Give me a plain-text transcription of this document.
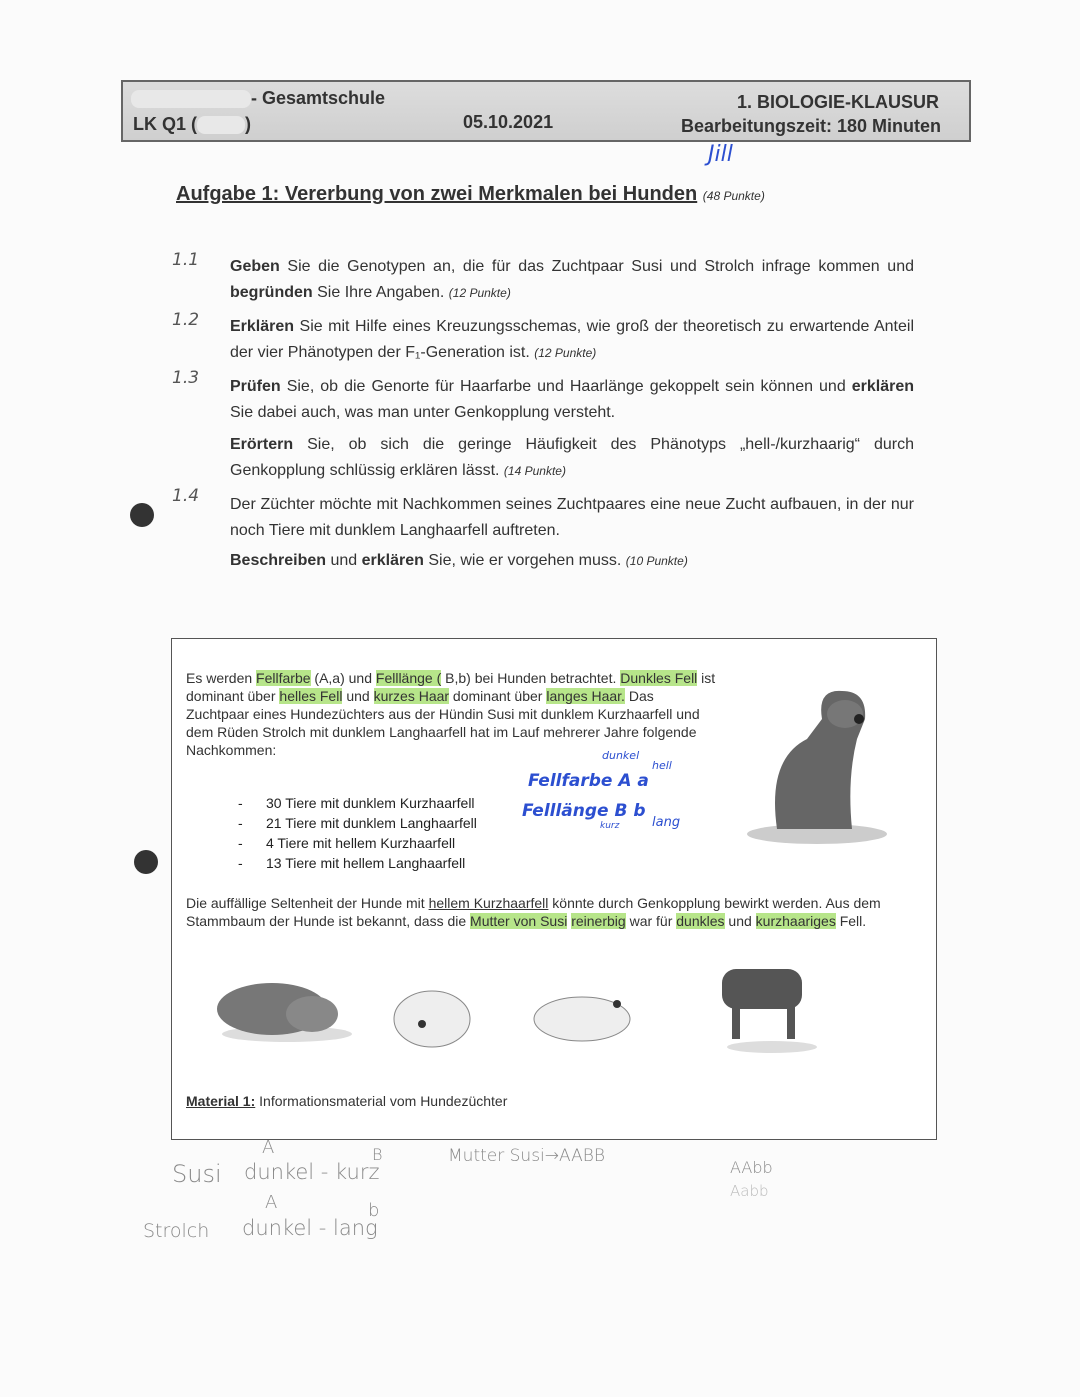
- Gesamtschule
LK Q1 (	)	05.10.2021
1. BIOLOGIE-KLAUSUR
Bearbeitungszeit: 180 Minuten
Jill
Aufgabe 1: Vererbung von zwei Merkmalen bei Hunden (48 Punkte)
1.1 Geben Sie die Genotypen an, die für das Zuchtpaar Susi und Strolch infrage kommen und begründen Sie Ihre Angaben. (12 Punkte)
1.2 Erklären Sie mit Hilfe eines Kreuzungsschemas, wie groß der theoretisch zu erwartende Anteil der vier Phänotypen der F₁-Generation ist. (12 Punkte)
1.3 Prüfen Sie, ob die Genorte für Haarfarbe und Haarlänge gekoppelt sein können und erklären Sie dabei auch, was man unter Genkopplung versteht.

Erörtern Sie, ob sich die geringe Häufigkeit des Phänotyps „hell-/kurzhaarig“ durch Genkopplung schlüssig erklären lässt. (14 Punkte)
1.4 Der Züchter möchte mit Nachkommen seines Zuchtpaares eine neue Zucht aufbauen, in der nur noch Tiere mit dunklem Langhaarfell auftreten.

Beschreiben und erklären Sie, wie er vorgehen muss. (10 Punkte)
Es werden Fellfarbe (A,a) und Felllänge ( B,b) bei Hunden betrachtet. Dunkles Fell ist dominant über helles Fell und kurzes Haar dominant über langes Haar. Das Zuchtpaar eines Hundezüchters aus der Hündin Susi mit dunklem Kurzhaarfell und dem Rüden Strolch mit dunklem Langhaarfell hat im Lauf mehrerer Jahre folgende Nachkommen:
- 30 Tiere mit dunklem Kurzhaarfell
- 21 Tiere mit dunklem Langhaarfell
- 4 Tiere mit hellem Kurzhaarfell
- 13 Tiere mit hellem Langhaarfell
dunkel
hell
Fellfarbe A a
Felllänge B b
kurz	lang
Die auffällige Seltenheit der Hunde mit hellem Kurzhaarfell könnte durch Genkopplung bewirkt werden. Aus dem Stammbaum der Hunde ist bekannt, dass die Mutter von Susi reinerbig war für dunkles und kurzhaariges Fell.
Material 1: Informationsmaterial vom Hundezüchter
A	B
Susi dunkel - kurz
A	b
Strolch dunkel - lang
Mutter Susi→AABB
AAbb
Aabb
